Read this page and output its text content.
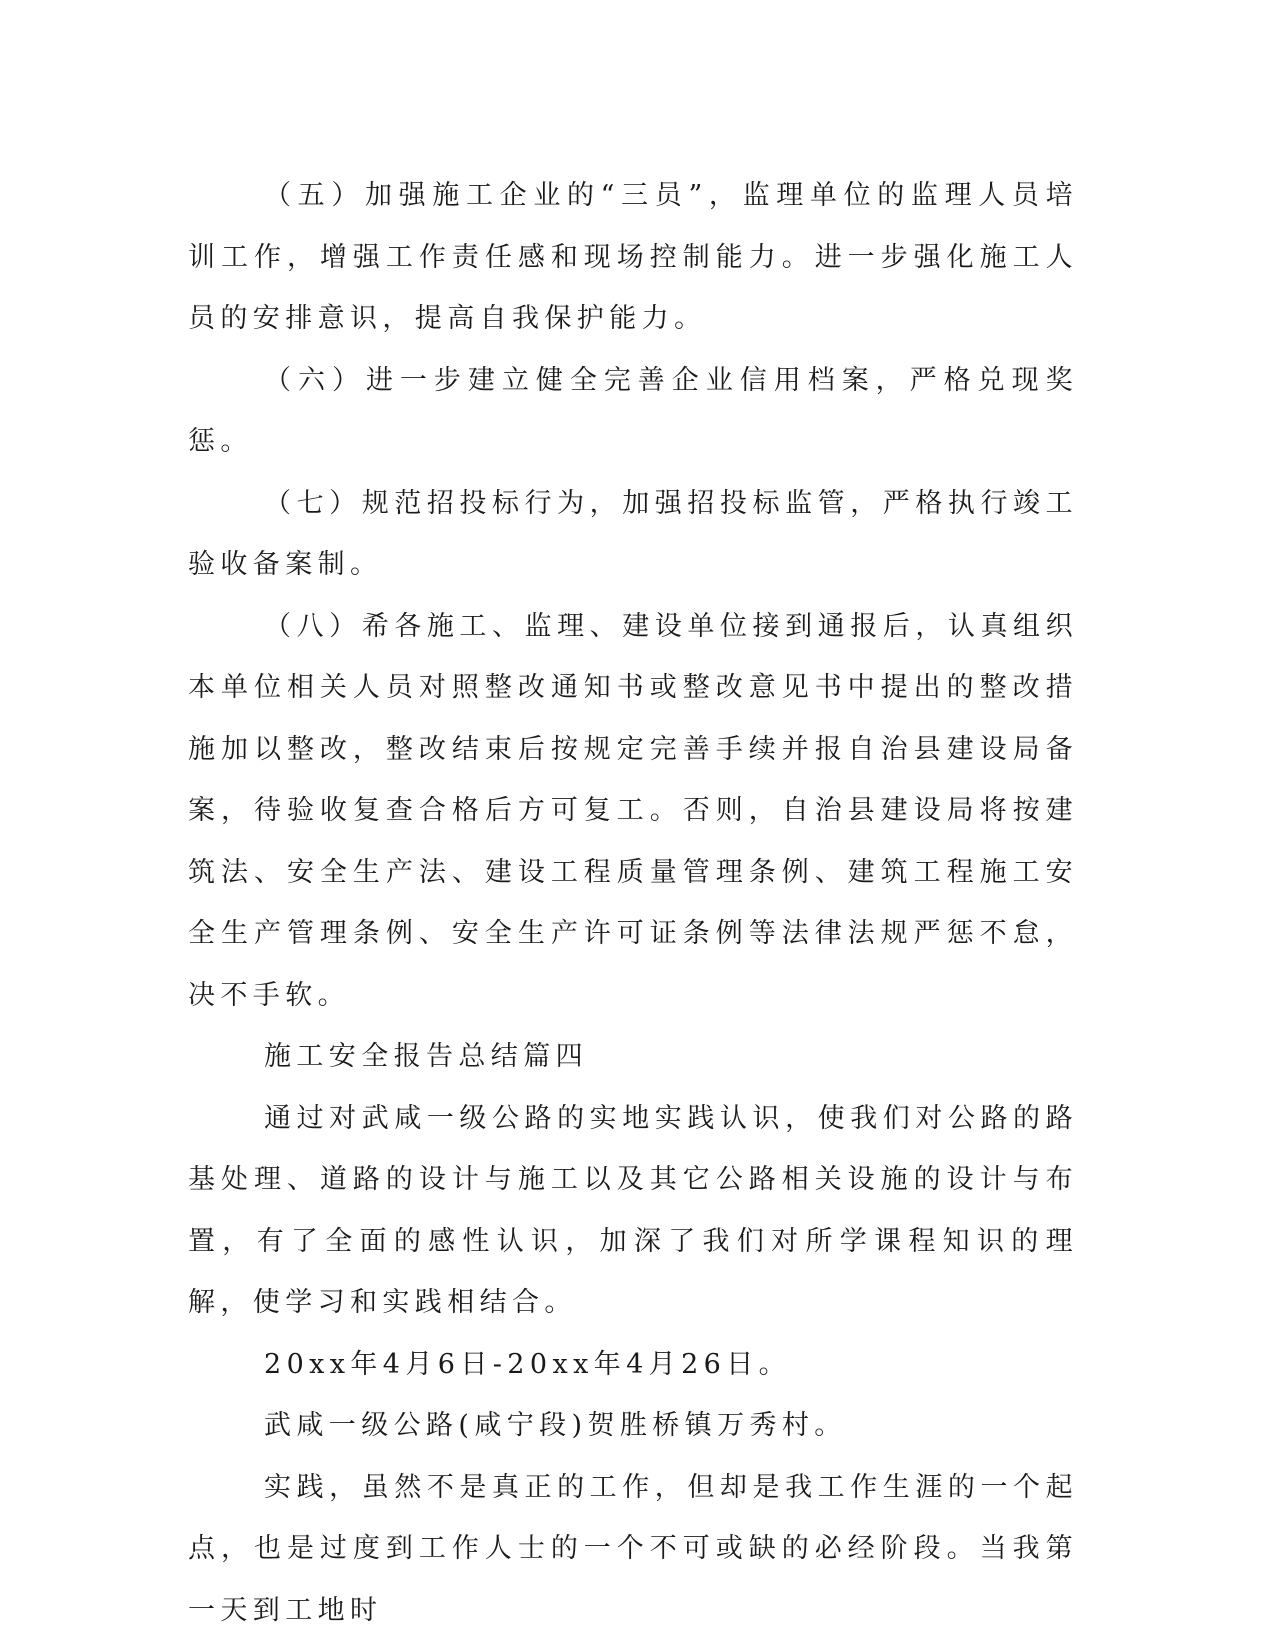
（五）加强施工企业的“三员”，监理单位的监理人员培训工作，增强工作责任感和现场控制能力。进一步强化施工人员的安排意识，提高自我保护能力。

（六）进一步建立健全完善企业信用档案，严格兑现奖惩。

（七）规范招投标行为，加强招投标监管，严格执行竣工验收备案制。

（八）希各施工、监理、建设单位接到通报后，认真组织本单位相关人员对照整改通知书或整改意见书中提出的整改措施加以整改，整改结束后按规定完善手续并报自治县建设局备案，待验收复查合格后方可复工。否则，自治县建设局将按建筑法、安全生产法、建设工程质量管理条例、建筑工程施工安全生产管理条例、安全生产许可证条例等法律法规严惩不怠，决不手软。

施工安全报告总结篇四

通过对武咸一级公路的实地实践认识，使我们对公路的路基处理、道路的设计与施工以及其它公路相关设施的设计与布置，有了全面的感性认识，加深了我们对所学课程知识的理解，使学习和实践相结合。

20xx年4月6日-20xx年4月26日。

武咸一级公路(咸宁段)贺胜桥镇万秀村。

实践，虽然不是真正的工作，但却是我工作生涯的一个起点，也是过度到工作人士的一个不可或缺的必经阶段。当我第一天到工地时
